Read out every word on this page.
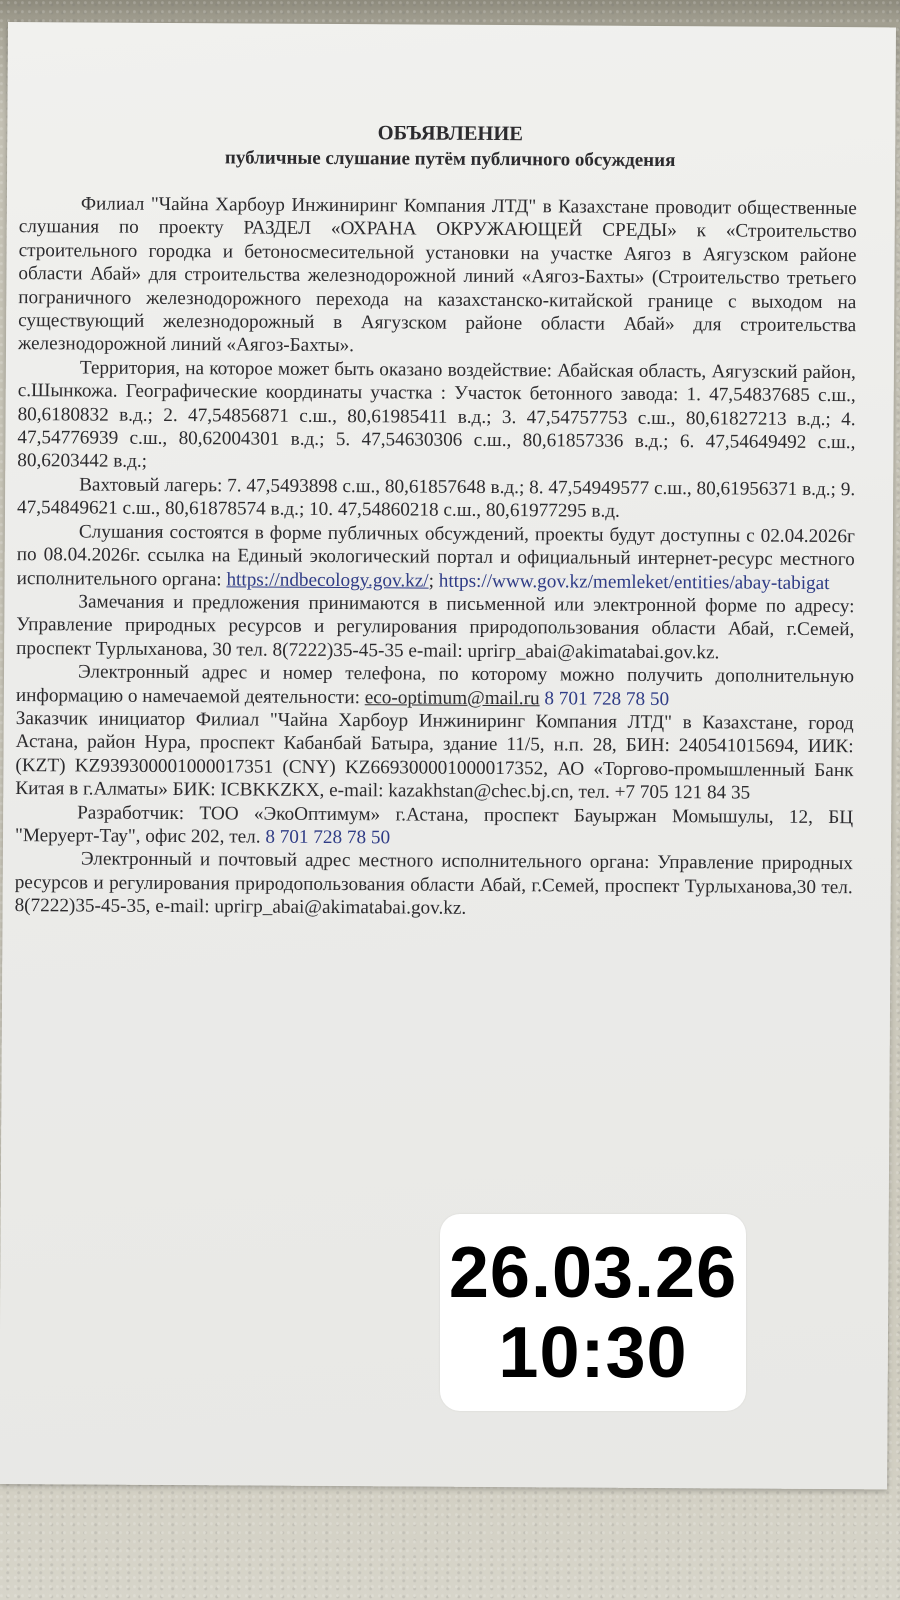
ОБЪЯВЛЕНИЕ
публичные слушание путём публичного обсуждения

Филиал "Чайна Харбоур Инжиниринг Компания ЛТД" в Казахстане проводит общественные слушания по проекту РАЗДЕЛ «ОХРАНА ОКРУЖАЮЩЕЙ СРЕДЫ» к «Строительство строительного городка и бетоносмесительной установки на участке Аягоз в Аягузском районе области Абай» для строительства железнодорожной линий «Аягоз-Бахты» (Строительство третьего пограничного железнодорожного перехода на казахстанско-китайской границе с выходом на существующий железнодорожный в Аягузском районе области Абай» для строительства железнодорожной линий «Аягоз-Бахты».

Территория, на которое может быть оказано воздействие: Абайская область, Аягузский район, с.Шынкожа. Географические координаты участка : Участок бетонного завода: 1. 47,54837685 с.ш., 80,6180832 в.д.; 2. 47,54856871 с.ш., 80,61985411 в.д.; 3. 47,54757753 с.ш., 80,61827213 в.д.; 4. 47,54776939 с.ш., 80,62004301 в.д.; 5. 47,54630306 с.ш., 80,61857336 в.д.; 6. 47,54649492 с.ш., 80,6203442 в.д.;

Вахтовый лагерь: 7. 47,5493898 с.ш., 80,61857648 в.д.; 8. 47,54949577 с.ш., 80,61956371 в.д.; 9. 47,54849621 с.ш., 80,61878574 в.д.; 10. 47,54860218 с.ш., 80,61977295 в.д.

Слушания состоятся в форме публичных обсуждений, проекты будут доступны с 02.04.2026г по 08.04.2026г. ссылка на Единый экологический портал и официальный интернет-ресурс местного исполнительного органа: https://ndbecology.gov.kz/; https://www.gov.kz/memleket/entities/abay-tabigat

Замечания и предложения принимаются в письменной или электронной форме по адресу: Управление природных ресурсов и регулирования природопользования области Абай, г.Семей, проспект Турлыханова, 30 тел. 8(7222)35-45-35 e-mail: uprігр_abai@akimatabai.gov.kz.

Электронный адрес и номер телефона, по которому можно получить дополнительную информацию о намечаемой деятельности: eco-optimum@mail.ru 8 701 728 78 50

Заказчик инициатор Филиал "Чайна Харбоур Инжиниринг Компания ЛТД" в Казахстане, город Астана, район Нура, проспект Кабанбай Батыра, здание 11/5, н.п. 28, БИН: 240541015694, ИИК: (KZT) KZ939300001000017351 (CNY) KZ669300001000017352, АО «Торгово-промышленный Банк Китая в г.Алматы» БИК: ICBKKZKX, e-mail: kazakhstan@chec.bj.cn, тел. +7 705 121 84 35

Разработчик: ТОО «ЭкоОптимум» г.Астана, проспект Бауыржан Момышулы, 12, БЦ "Меруерт-Тау", офис 202, тел. 8 701 728 78 50

Электронный и почтовый адрес местного исполнительного органа: Управление природных ресурсов и регулирования природопользования области Абай, г.Семей, проспект Турлыханова,30 тел. 8(7222)35-45-35, e-mail: uprігр_abai@akimatabai.gov.kz.

26.03.26
10:30
